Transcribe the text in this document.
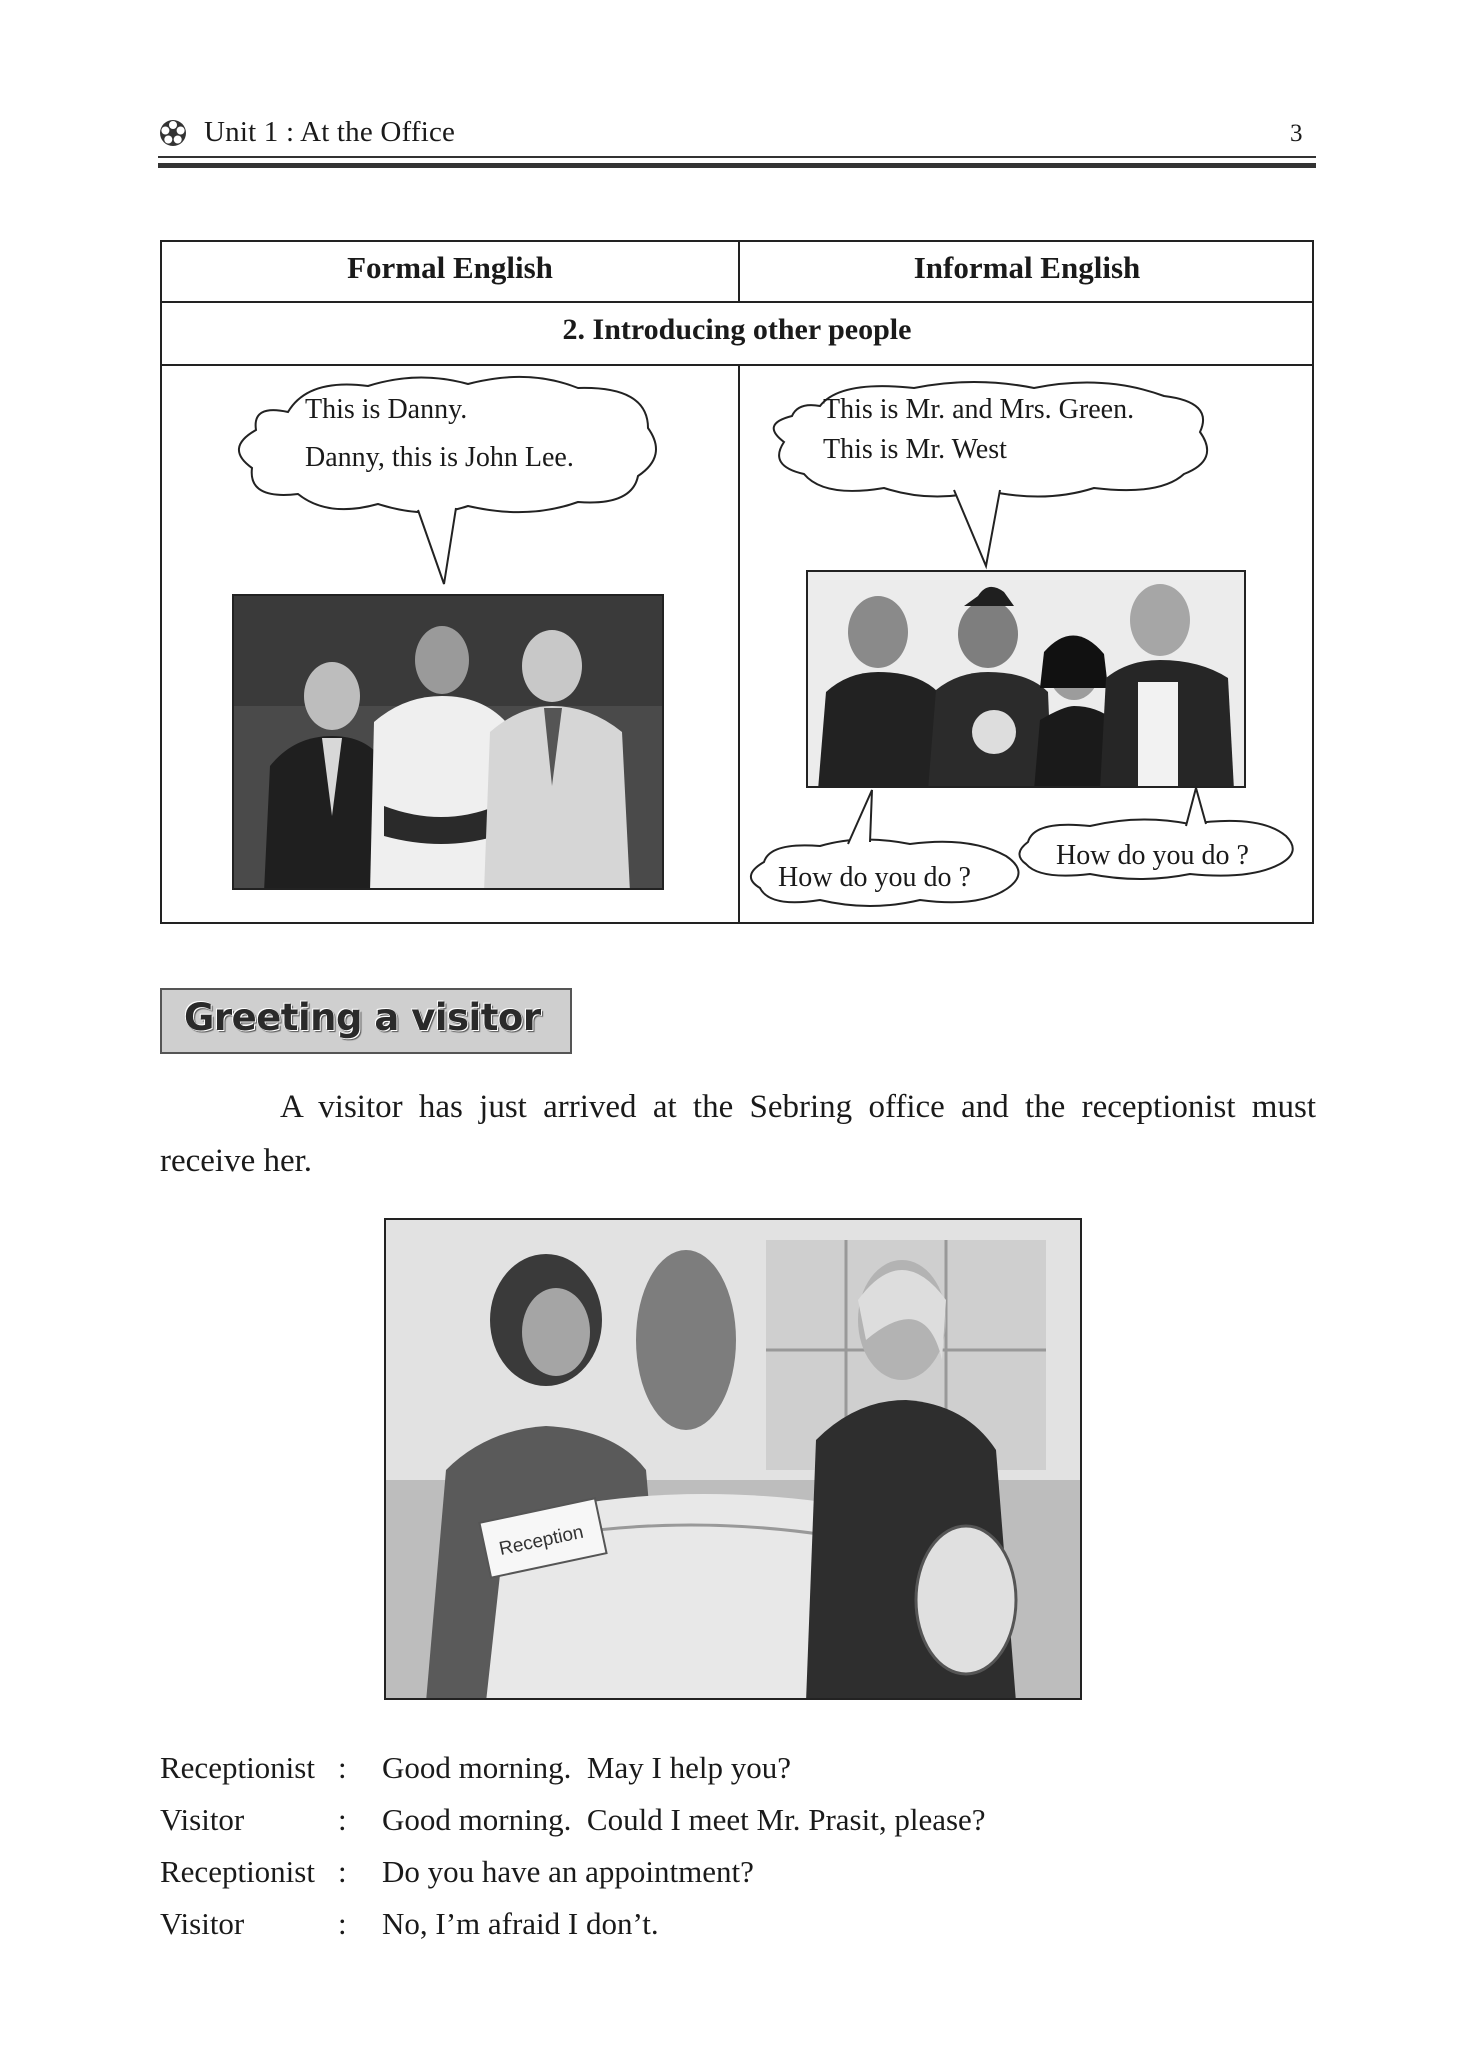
Unit 1 : At the Office	3
Formal English	Informal English
2. Introducing other people
This is Danny.
Danny, this is John Lee.
This is Mr. and Mrs. Green.
This is Mr. West
How do you do ?
How do you do ?
Greeting a visitor
A visitor has just arrived at the Sebring office and the receptionist must receive her.
Reception
Receptionist : Good morning.  May I help you?
Visitor	: Good morning.  Could I meet Mr. Prasit, please?
Receptionist : Do you have an appointment?
Visitor	: No, I’m afraid I don’t.
